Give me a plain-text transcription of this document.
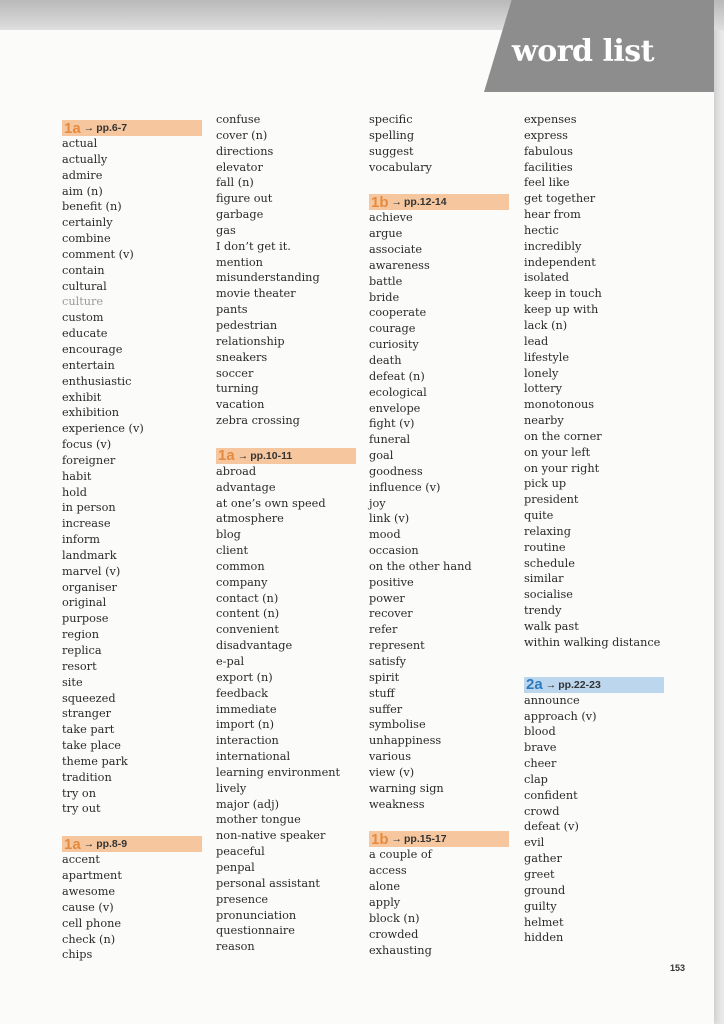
word list
1a → pp.6-7
actual
actually
admire
aim (n)
benefit (n)
certainly
combine
comment (v)
contain
cultural
culture
custom
educate
encourage
entertain
enthusiastic
exhibit
exhibition
experience (v)
focus (v)
foreigner
habit
hold
in person
increase
inform
landmark
marvel (v)
organiser
original
purpose
region
replica
resort
site
squeezed
stranger
take part
take place
theme park
tradition
try on
try out
1a → pp.8-9
accent
apartment
awesome
cause (v)
cell phone
check (n)
chips
confuse
cover (n)
directions
elevator
fall (n)
figure out
garbage
gas
I don’t get it.
mention
misunderstanding
movie theater
pants
pedestrian
relationship
sneakers
soccer
turning
vacation
zebra crossing
1a → pp.10-11
abroad
advantage
at one’s own speed
atmosphere
blog
client
common
company
contact (n)
content (n)
convenient
disadvantage
e-pal
export (n)
feedback
immediate
import (n)
interaction
international
learning environment
lively
major (adj)
mother tongue
non-native speaker
peaceful
penpal
personal assistant
presence
pronunciation
questionnaire
reason
specific
spelling
suggest
vocabulary
1b → pp.12-14
achieve
argue
associate
awareness
battle
bride
cooperate
courage
curiosity
death
defeat (n)
ecological
envelope
fight (v)
funeral
goal
goodness
influence (v)
joy
link (v)
mood
occasion
on the other hand
positive
power
recover
refer
represent
satisfy
spirit
stuff
suffer
symbolise
unhappiness
various
view (v)
warning sign
weakness
1b → pp.15-17
a couple of
access
alone
apply
block (n)
crowded
exhausting
expenses
express
fabulous
facilities
feel like
get together
hear from
hectic
incredibly
independent
isolated
keep in touch
keep up with
lack (n)
lead
lifestyle
lonely
lottery
monotonous
nearby
on the corner
on your left
on your right
pick up
president
quite
relaxing
routine
schedule
similar
socialise
trendy
walk past
within walking distance
2a → pp.22-23
announce
approach (v)
blood
brave
cheer
clap
confident
crowd
defeat (v)
evil
gather
greet
ground
guilty
helmet
hidden
153
